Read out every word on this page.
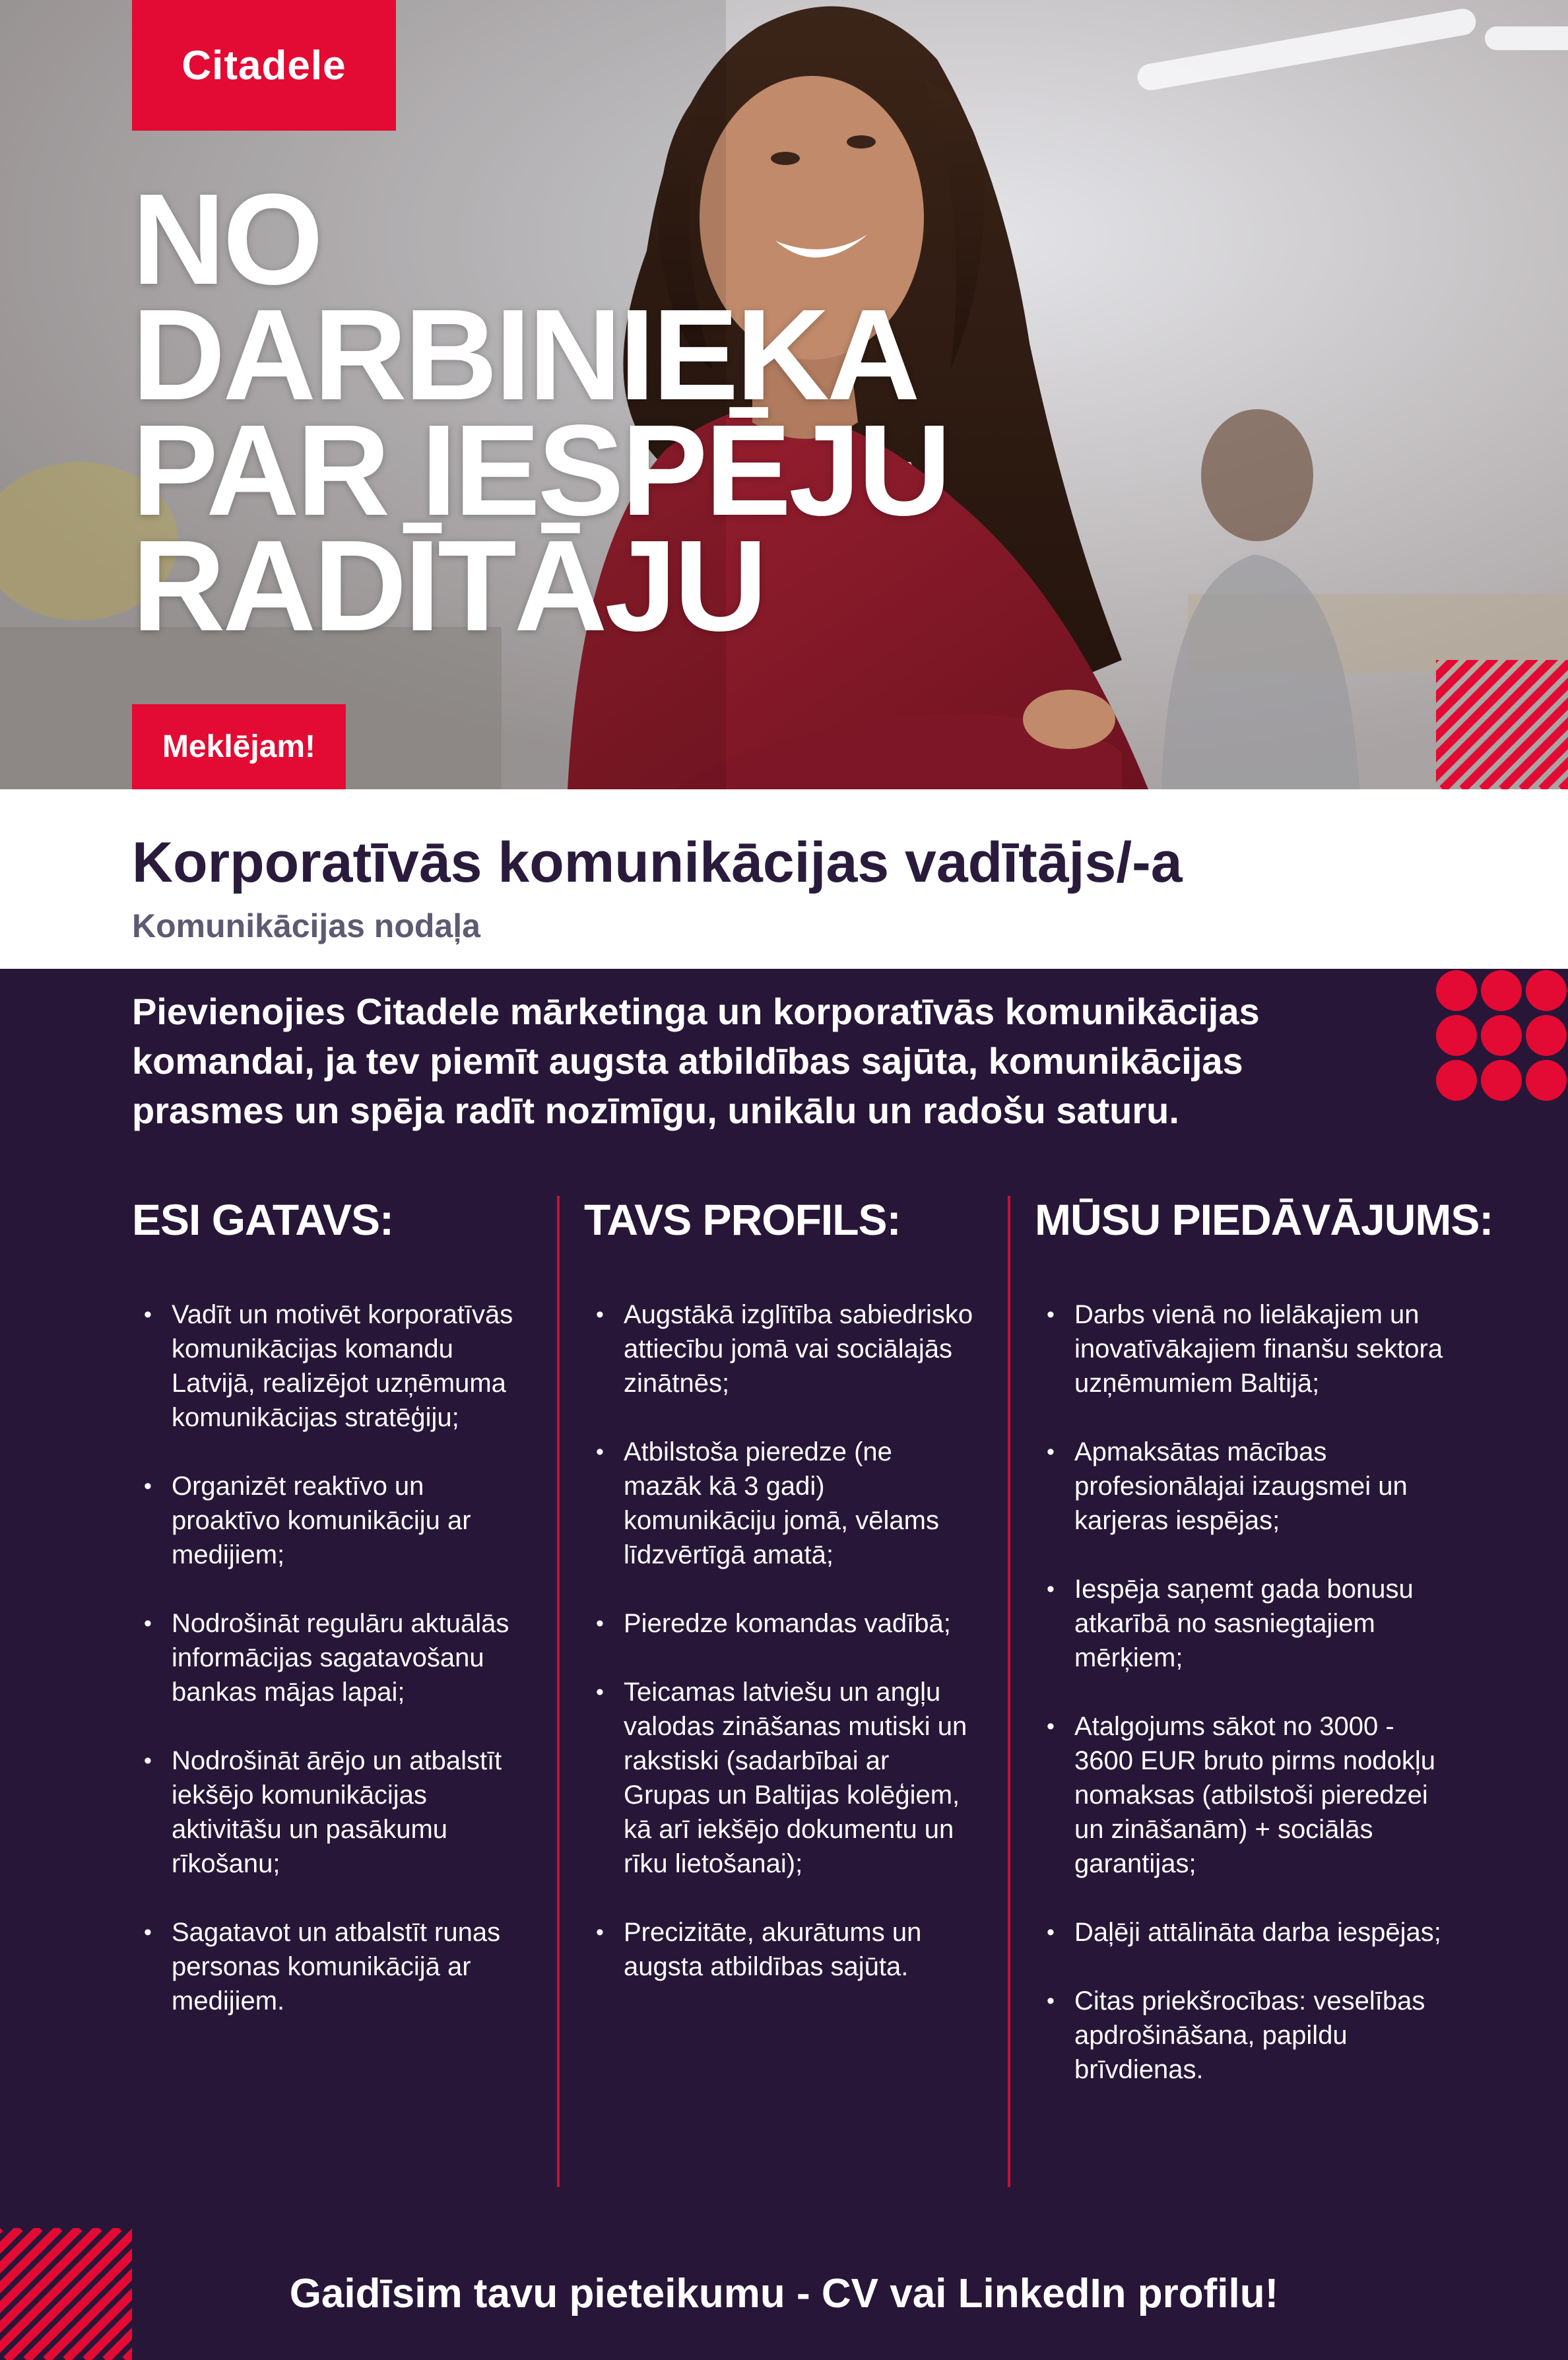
Citadele
NO
DARBINIEKA
PAR IESPĒJU
RADĪTĀJU
Meklējam!
Korporatīvās komunikācijas vadītājs/-a
Komunikācijas nodaļa

Pievienojies Citadele mārketinga un korporatīvās komunikācijas komandai, ja tev piemīt augsta atbildības sajūta, komunikācijas prasmes un spēja radīt nozīmīgu, unikālu un radošu saturu.

ESI GATAVS:
• Vadīt un motivēt korporatīvās komunikācijas komandu Latvijā, realizējot uzņēmuma komunikācijas stratēģiju;
• Organizēt reaktīvo un proaktīvo komunikāciju ar medijiem;
• Nodrošināt regulāru aktuālās informācijas sagatavošanu bankas mājas lapai;
• Nodrošināt ārējo un atbalstīt iekšējo komunikācijas aktivitāšu un pasākumu rīkošanu;
• Sagatavot un atbalstīt runas personas komunikācijā ar medijiem.
TAVS PROFILS:
• Augstākā izglītība sabiedrisko attiecību jomā vai sociālajās zinātnēs;
• Atbilstoša pieredze (ne mazāk kā 3 gadi) komunikāciju jomā, vēlams līdzvērtīgā amatā;
• Pieredze komandas vadībā;
• Teicamas latviešu un angļu valodas zināšanas mutiski un rakstiski (sadarbībai ar Grupas un Baltijas kolēģiem, kā arī iekšējo dokumentu un rīku lietošanai);
• Precizitāte, akurātums un augsta atbildības sajūta.
MŪSU PIEDĀVĀJUMS:
• Darbs vienā no lielākajiem un inovatīvākajiem finanšu sektora uzņēmumiem Baltijā;
• Apmaksātas mācības profesionālajai izaugsmei un karjeras iespējas;
• Iespēja saņemt gada bonusu atkarībā no sasniegtajiem mērķiem;
• Atalgojums sākot no 3000 - 3600 EUR bruto pirms nodokļu nomaksas (atbilstoši pieredzei un zināšanām) + sociālās garantijas;
• Daļēji attālināta darba iespējas;
• Citas priekšrocības: veselības apdrošināšana, papildu brīvdienas.

Gaidīsim tavu pieteikumu - CV vai LinkedIn profilu!
